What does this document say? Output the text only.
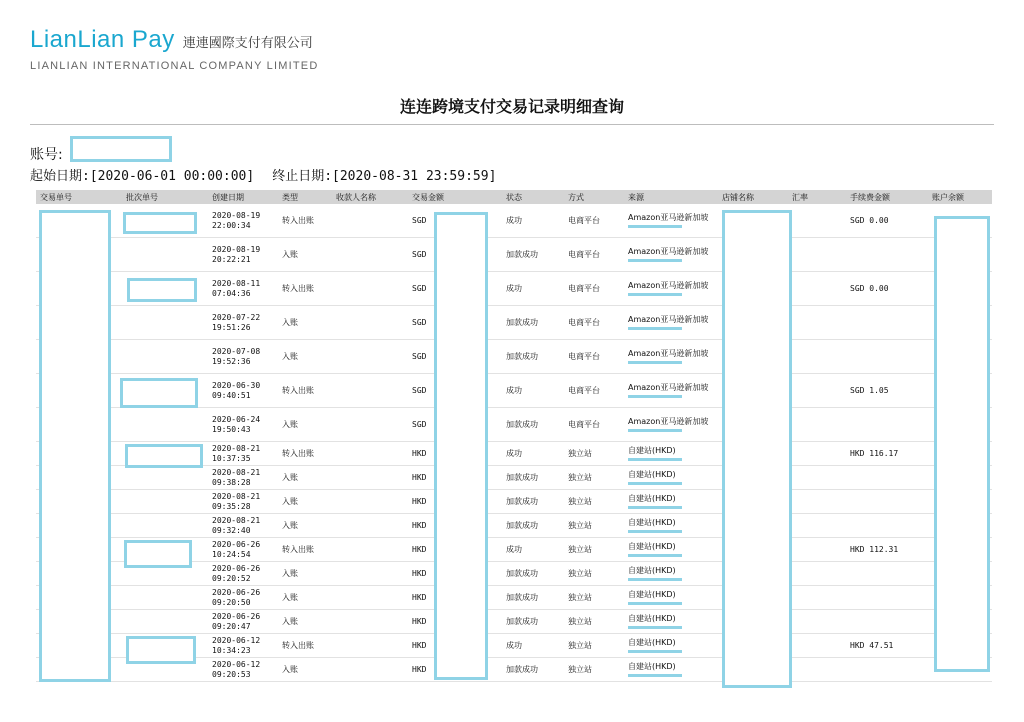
LianLian Pay 連連國際支付有限公司
LIANLIAN INTERNATIONAL COMPANY LIMITED
连连跨境支付交易记录明细查询
账号:
起始日期:[2020-06-01 00:00:00] 终止日期:[2020-08-31 23:59:59]
交易单号	批次单号	创建日期	类型	收款人名称	交易金额	状态	方式	来源	店铺名称	汇率	手续费金额	账户余额
		2020-08-19
22:00:34	转入出账		SGD	成功	电商平台	Amazon亚马逊新加坡			SGD 0.00	
		2020-08-19
20:22:21	入账		SGD	加款成功	电商平台	Amazon亚马逊新加坡

		2020-08-11
07:04:36	转入出账		SGD	成功	电商平台	Amazon亚马逊新加坡			SGD 0.00	
		2020-07-22
19:51:26	入账		SGD	加款成功	电商平台	Amazon亚马逊新加坡

		2020-07-08
19:52:36	入账		SGD	加款成功	电商平台	Amazon亚马逊新加坡

		2020-06-30
09:40:51	转入出账		SGD	成功	电商平台	Amazon亚马逊新加坡			SGD 1.05	
		2020-06-24
19:50:43	入账		SGD	加款成功	电商平台	Amazon亚马逊新加坡

		2020-08-21
10:37:35	转入出账		HKD	成功	独立站	自建站(HKD)			HKD 116.17	
		2020-08-21
09:38:28	入账		HKD	加款成功	独立站	自建站(HKD)

		2020-08-21
09:35:28	入账		HKD	加款成功	独立站	自建站(HKD)

		2020-08-21
09:32:40	入账		HKD	加款成功	独立站	自建站(HKD)

		2020-06-26
10:24:54	转入出账		HKD	成功	独立站	自建站(HKD)			HKD 112.31	
		2020-06-26
09:20:52	入账		HKD	加款成功	独立站	自建站(HKD)

		2020-06-26
09:20:50	入账		HKD	加款成功	独立站	自建站(HKD)

		2020-06-26
09:20:47	入账		HKD	加款成功	独立站	自建站(HKD)

		2020-06-12
10:34:23	转入出账		HKD	成功	独立站	自建站(HKD)			HKD 47.51	
		2020-06-12
09:20:53	入账		HKD	加款成功	独立站	自建站(HKD)
